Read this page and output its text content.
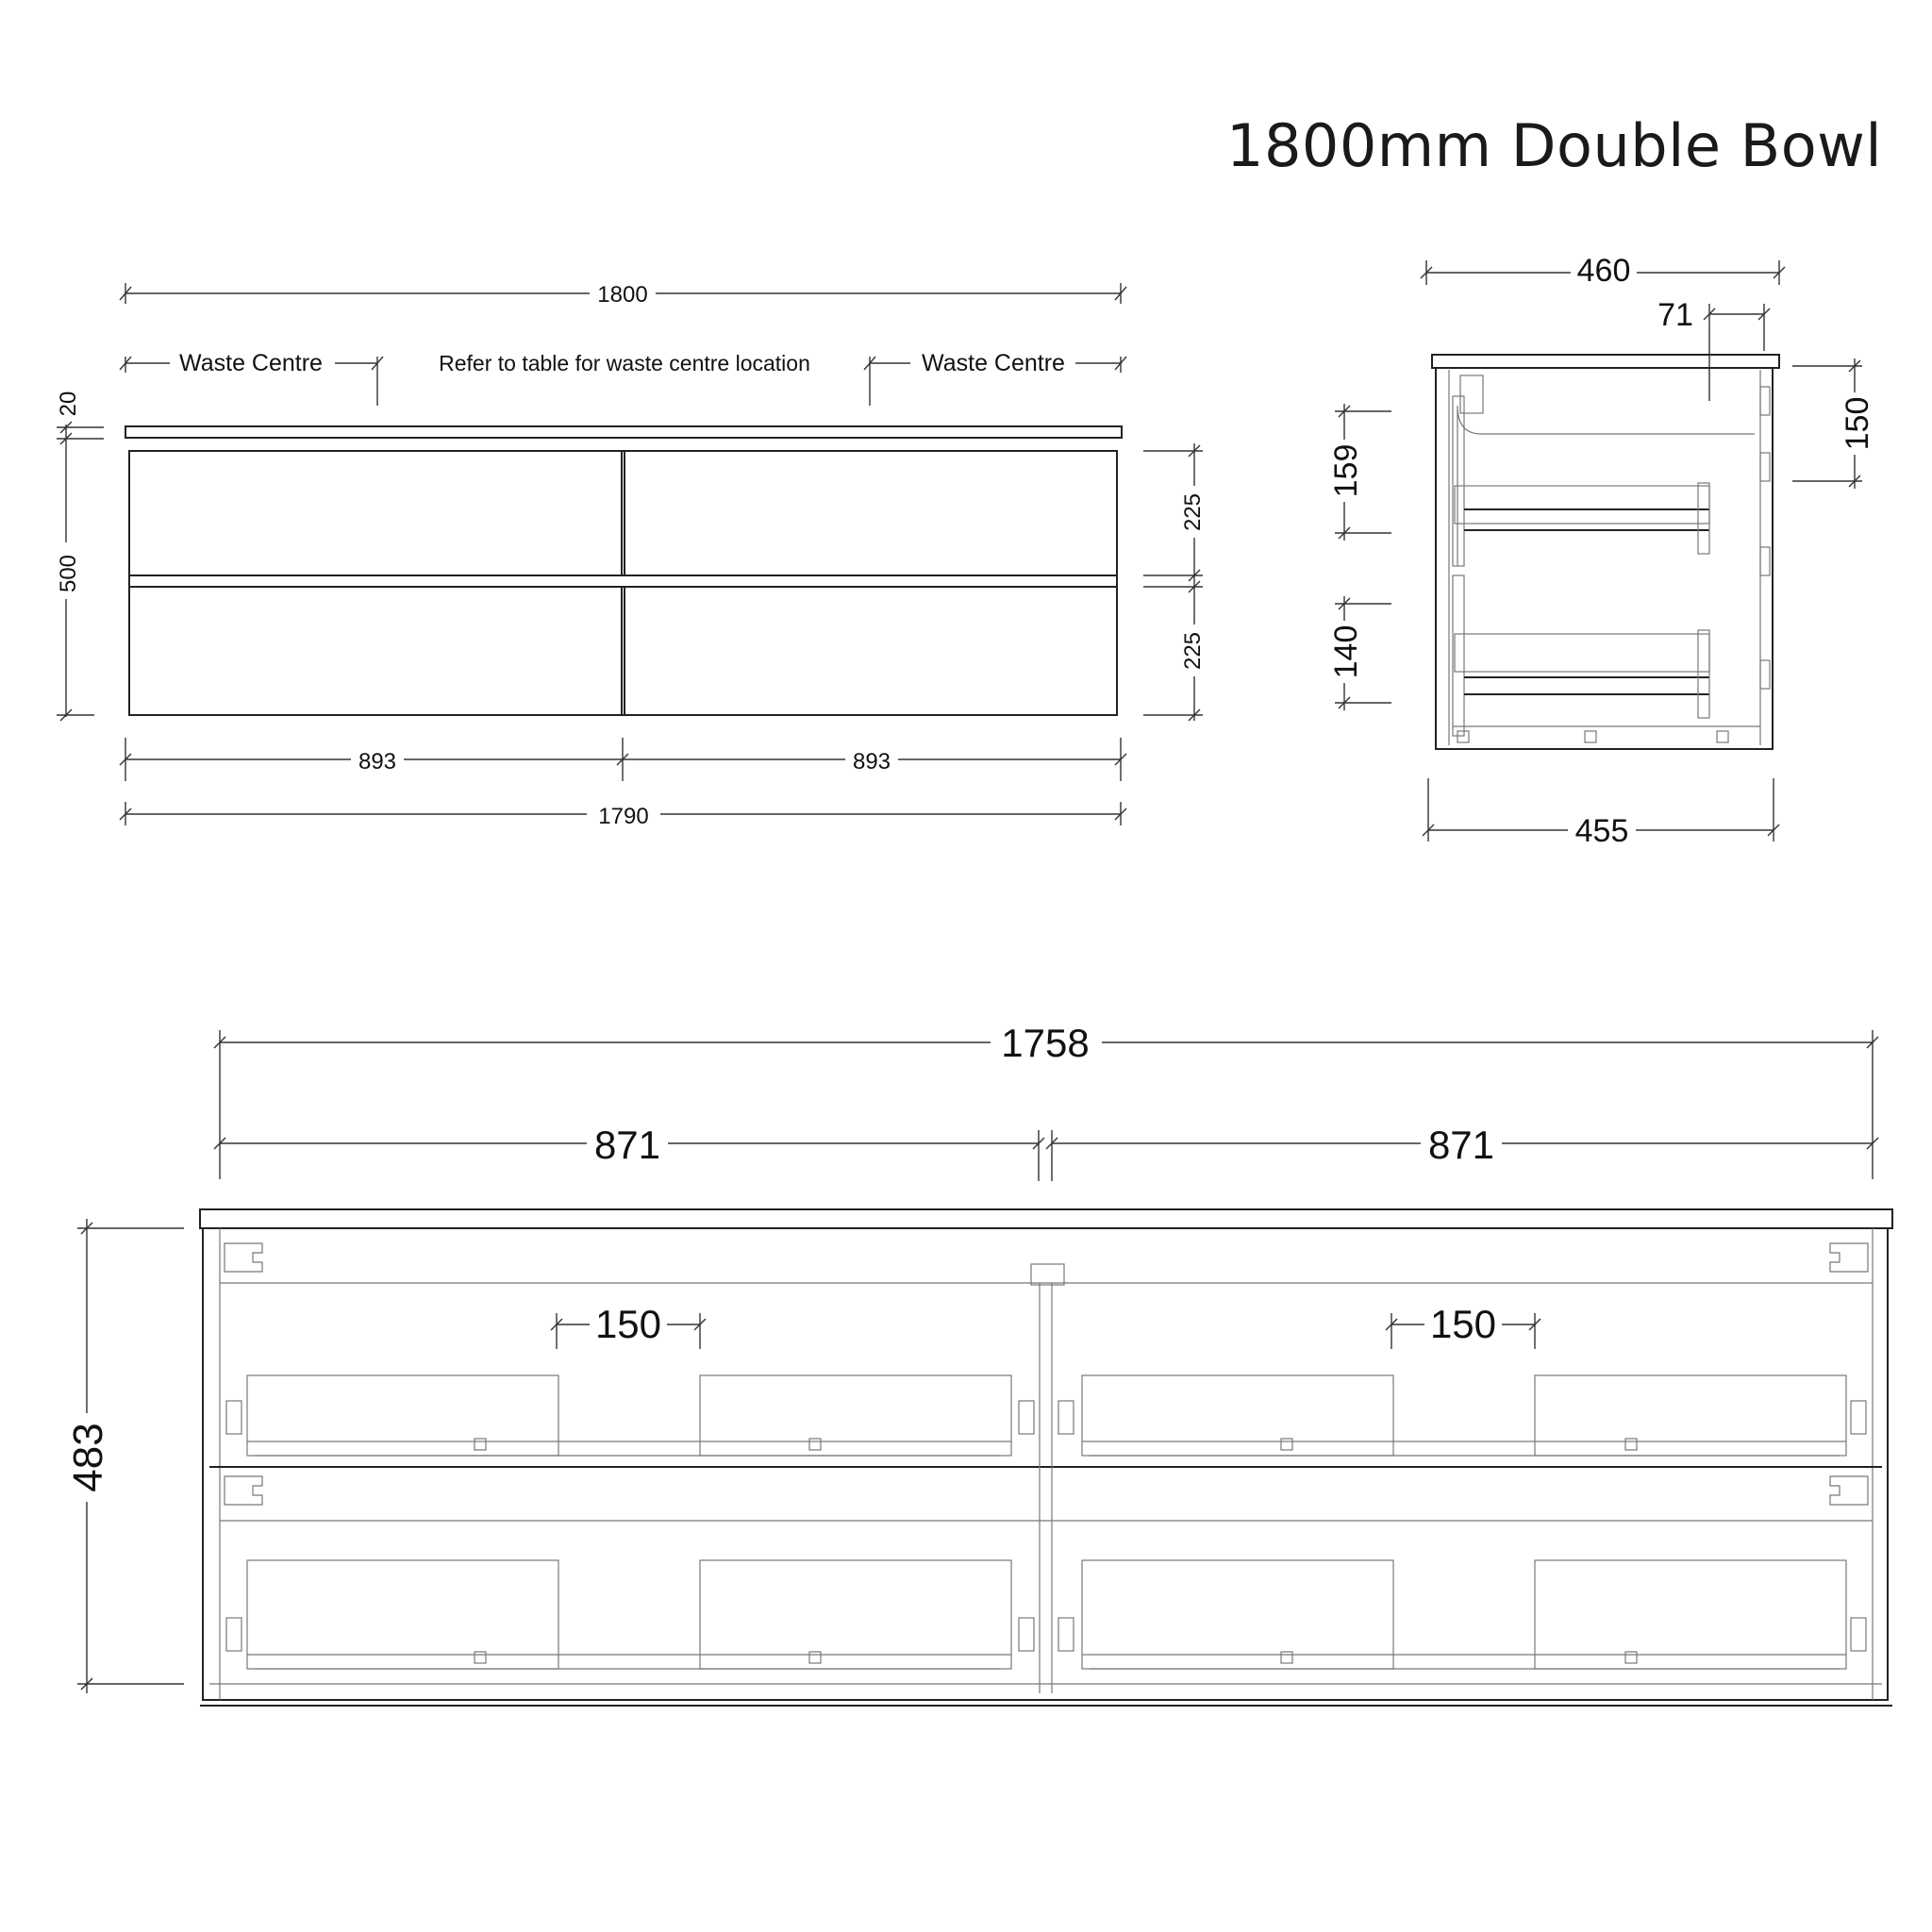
1800mm Double Bowl
1800
Waste Centre	Refer to table for waste centre location	Waste Centre
20
500
225
225
893	893
1790
460
71
150
159
140
455
1758
871	871
150	150
483
